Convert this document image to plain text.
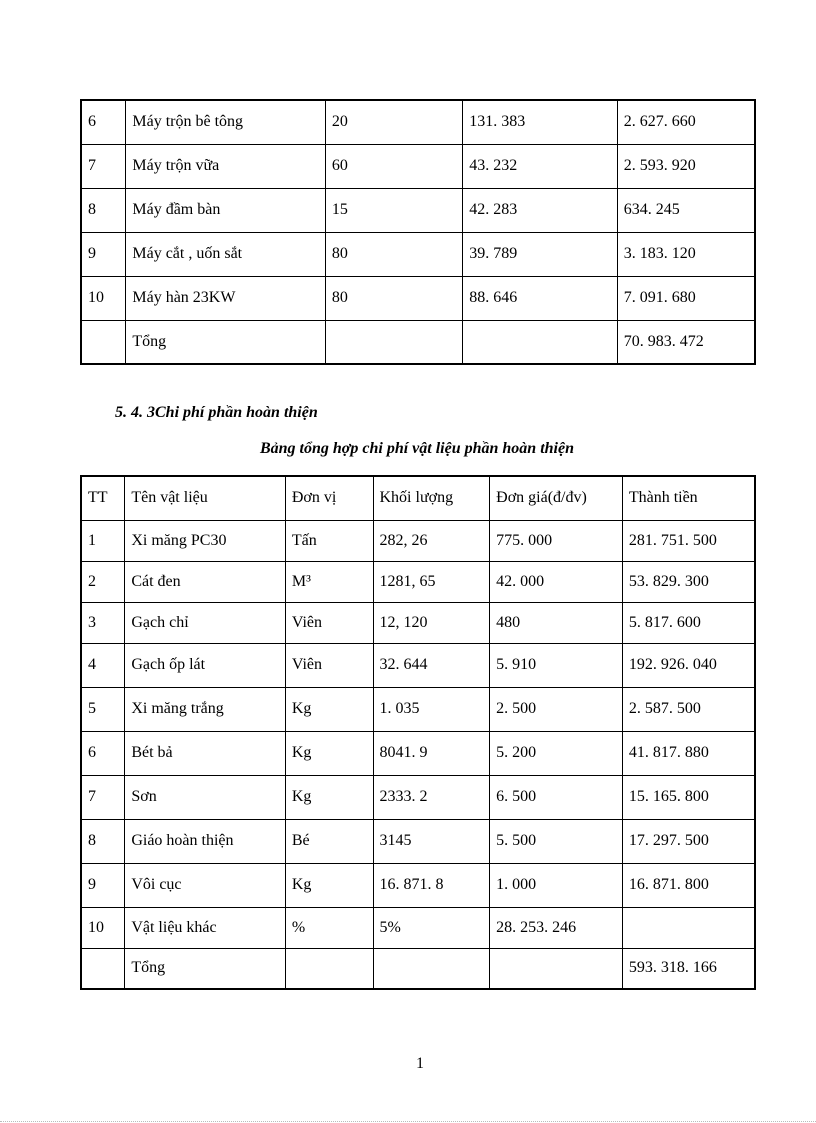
6	Máy trộn bê tông	20	131. 383	2. 627. 660
7	Máy trộn vữa	60	43. 232	2. 593. 920
8	Máy đầm bàn	15	42. 283	634. 245
9	Máy cắt , uốn sắt	80	39. 789	3. 183. 120
10	Máy hàn 23KW	80	88. 646	7. 091. 680
	Tổng			70. 983. 472
5. 4. 3Chi phí phần hoàn thiện
Bảng tổng hợp chi phí vật liệu phần hoàn thiện
TT	Tên vật liệu	Đơn vị	Khối lượng	Đơn giá(đ/đv)	Thành tiền
1	Xi măng PC30	Tấn	282, 26	775. 000	281. 751. 500
2	Cát đen	M³	1281, 65	42. 000	53. 829. 300
3	Gạch chỉ	Viên	12, 120	480	5. 817. 600
4	Gạch ốp lát	Viên	32. 644	5. 910	192. 926. 040
5	Xi măng trắng	Kg	1. 035	2. 500	2. 587. 500
6	Bét bả	Kg	8041. 9	5. 200	41. 817. 880
7	Sơn	Kg	2333. 2	6. 500	15. 165. 800
8	Giáo hoàn thiện	Bé	3145	5. 500	17. 297. 500
9	Vôi cục	Kg	16. 871. 8	1. 000	16. 871. 800
10	Vật liệu khác	%	5%	28. 253. 246	
	Tổng				593. 318. 166
1
